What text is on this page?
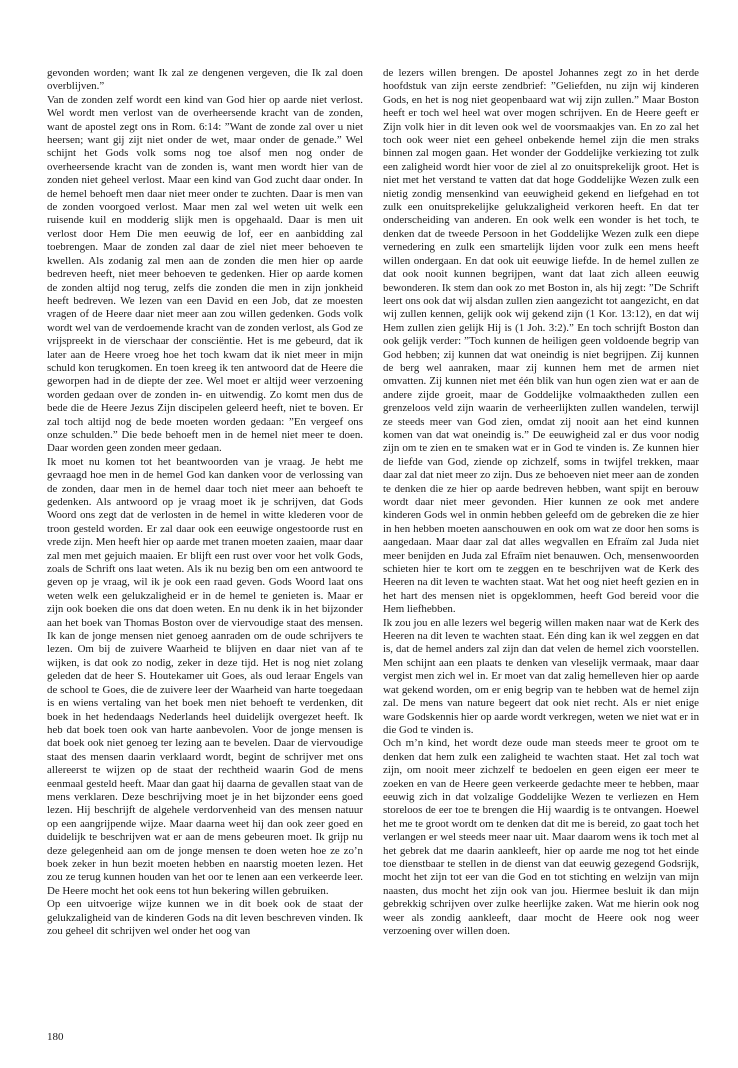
gevonden worden; want Ik zal ze dengenen vergeven, die Ik zal doen overblijven.”

Van de zonden zelf wordt een kind van God hier op aarde niet verlost. Wel wordt men verlost van de overheersende kracht van de zonden, want de apostel zegt ons in Rom. 6:14: ”Want de zonde zal over u niet heersen; want gij zijt niet onder de wet, maar onder de genade.” Wel schijnt het Gods volk soms nog toe alsof men nog onder de overheersende kracht van de zonden is, want men wordt hier van de zonden niet geheel verlost. Maar een kind van God zucht daar onder. In de hemel behoeft men daar niet meer onder te zuchten. Daar is men van de zonden voorgoed verlost. Maar men zal wel weten uit welk een ruisende kuil en modderig slijk men is opgehaald. Daar is men uit verlost door Hem Die men eeuwig de lof, eer en aanbidding zal toebrengen. Maar de zonden zal daar de ziel niet meer behoeven te kwellen. Als zodanig zal men aan de zonden die men hier op aarde bedreven heeft, niet meer behoeven te gedenken. Hier op aarde komen de zonden altijd nog terug, zelfs die zonden die men in zijn jonkheid heeft bedreven. We lezen van een David en een Job, dat ze moesten vragen of de Heere daar niet meer aan zou willen gedenken. Gods volk wordt wel van de verdoemende kracht van de zonden verlost, als God ze vrijspreekt in de vierschaar der consciëntie. Het is me gebeurd, dat ik later aan de Heere vroeg hoe het toch kwam dat ik niet meer in mijn schuld kon terugkomen. En toen kreeg ik ten antwoord dat de Heere die geworpen had in de diepte der zee. Wel moet er altijd weer verzoening worden gedaan over de zonden in- en uitwendig. Zo komt men dus de bede die de Heere Jezus Zijn discipelen geleerd heeft, niet te boven. Er zal toch altijd nog de bede moeten worden gedaan: ”En vergeef ons onze schulden.” Die bede behoeft men in de hemel niet meer te doen. Daar worden geen zonden meer gedaan.

Ik moet nu komen tot het beantwoorden van je vraag. Je hebt me gevraagd hoe men in de hemel God kan danken voor de verlossing van de zonden, daar men in de hemel daar toch niet meer aan behoeft te gedenken. Als antwoord op je vraag moet ik je schrijven, dat Gods Woord ons zegt dat de verlosten in de hemel in witte klederen voor de troon gesteld worden. Er zal daar ook een eeuwige ongestoorde rust en vrede zijn. Men heeft hier op aarde met tranen moeten zaaien, maar daar zal men met gejuich maaien. Er blijft een rust over voor het volk Gods, zoals de Schrift ons laat weten. Als ik nu bezig ben om een antwoord te geven op je vraag, wil ik je ook een raad geven. Gods Woord laat ons weten welk een gelukzaligheid er in de hemel te genieten is. Maar er zijn ook boeken die ons dat doen weten. En nu denk ik in het bijzonder aan het boek van Thomas Boston over de viervoudige staat des mensen. Ik kan de jonge mensen niet genoeg aanraden om de oude schrijvers te lezen. Om bij de zuivere Waarheid te blijven en daar niet van af te wijken, is dat ook zo nodig, zeker in deze tijd. Het is nog niet zolang geleden dat de heer S. Houtekamer uit Goes, als oud leraar Engels van de school te Goes, die de zuivere leer der Waarheid van harte toegedaan is en wiens vertaling van het boek men niet behoeft te verdenken, dit boek in het hedendaags Nederlands heel duidelijk overgezet heeft. Ik heb dat boek toen ook van harte aanbevolen. Voor de jonge mensen is dat boek ook niet genoeg ter lezing aan te bevelen. Daar de viervoudige staat des mensen daarin verklaard wordt, begint de schrijver met ons allereerst te wijzen op de staat der rechtheid waarin God de mens eenmaal gesteld heeft. Maar dan gaat hij daarna de gevallen staat van de mens verklaren. Deze beschrijving moet je in het bijzonder eens goed lezen. Hij beschrijft de algehele verdorvenheid van des mensen natuur op een aangrijpende wijze. Maar daarna weet hij dan ook zeer goed en duidelijk te beschrijven wat er aan de mens gebeuren moet. Ik grijp nu deze gelegenheid aan om de jonge mensen te doen weten hoe ze zo’n boek zeker in hun bezit moeten hebben en naarstig moeten lezen. Het zou ze terug kunnen houden van het oor te lenen aan een verkeerde leer. De Heere mocht het ook eens tot hun bekering willen gebruiken.

Op een uitvoerige wijze kunnen we in dit boek ook de staat der gelukzaligheid van de kinderen Gods na dit leven beschreven vinden. Ik zou geheel dit schrijven wel onder het oog van

de lezers willen brengen. De apostel Johannes zegt zo in het derde hoofdstuk van zijn eerste zendbrief: ”Geliefden, nu zijn wij kinderen Gods, en het is nog niet geopenbaard wat wij zijn zullen.” Maar Boston heeft er toch wel heel wat over mogen schrijven. En de Heere geeft er Zijn volk hier in dit leven ook wel de voorsmaakjes van. En zo zal het toch ook weer niet een geheel onbekende hemel zijn die men straks binnen zal mogen gaan. Het wonder der Goddelijke verkiezing tot zulk een zaligheid wordt hier voor de ziel al zo onuitsprekelijk groot. Het is niet met het verstand te vatten dat dat hoge Goddelijke Wezen zulk een nietig zondig mensenkind van eeuwigheid gekend en liefgehad en tot zulk een onuitsprekelijke gelukzaligheid verkoren heeft. En dat ter onderscheiding van anderen. En ook welk een wonder is het toch, te denken dat de tweede Persoon in het Goddelijke Wezen zulk een diepe vernedering en zulk een smartelijk lijden voor zulk een mens heeft willen ondergaan. En dat ook uit eeuwige liefde. In de hemel zullen ze dat ook nooit kunnen begrijpen, want dat laat zich alleen eeuwig bewonderen. Ik stem dan ook zo met Boston in, als hij zegt: ”De Schrift leert ons ook dat wij alsdan zullen zien aangezicht tot aangezicht, en dat wij zullen kennen, gelijk ook wij gekend zijn (1 Kor. 13:12), en dat wij Hem zullen zien gelijk Hij is (1 Joh. 3:2).” En toch schrijft Boston dan ook gelijk verder: ”Toch kunnen de heiligen geen voldoende begrip van God hebben; zij kunnen dat wat oneindig is niet begrijpen. Zij kunnen de berg wel aanraken, maar zij kunnen hem met de armen niet omvatten. Zij kunnen niet met één blik van hun ogen zien wat er aan de andere zijde groeit, maar de Goddelijke volmaaktheden zullen een grenzeloos veld zijn waarin de verheerlijkten zullen wandelen, terwijl ze steeds meer van God zien, omdat zij nooit aan het eind kunnen komen van dat wat oneindig is.” De eeuwigheid zal er dus voor nodig zijn om te zien en te smaken wat er in God te vinden is. Ze kunnen hier de liefde van God, ziende op zichzelf, soms in twijfel trekken, maar daar zal dat niet meer zo zijn. Dus ze behoeven niet meer aan de zonden te denken die ze hier op aarde bedreven hebben, want spijt en berouw wordt daar niet meer gevonden. Hier kunnen ze ook met andere kinderen Gods wel in onmin hebben geleefd om de gebreken die ze hier in hen hebben moeten aanschouwen en ook om wat ze door hen soms is aangedaan. Maar daar zal dat alles wegvallen en Efraïm zal Juda niet meer benijden en Juda zal Efraïm niet benauwen. Och, mensenwoorden schieten hier te kort om te zeggen en te beschrijven wat de Kerk des Heeren na dit leven te wachten staat. Wat het oog niet heeft gezien en in het hart des mensen niet is opgeklommen, heeft God bereid voor die Hem liefhebben.

Ik zou jou en alle lezers wel begerig willen maken naar wat de Kerk des Heeren na dit leven te wachten staat. Eén ding kan ik wel zeggen en dat is, dat de hemel anders zal zijn dan dat velen de hemel zich voorstellen. Men schijnt aan een plaats te denken van vleselijk vermaak, maar daar vergist men zich wel in. Er moet van dat zalig hemelleven hier op aarde wat gekend worden, om er enig begrip van te hebben wat de hemel zijn zal. De mens van nature begeert dat ook niet recht. Als er niet enige ware Godskennis hier op aarde wordt verkregen, weten we niet wat er in die God te vinden is.

Och m’n kind, het wordt deze oude man steeds meer te groot om te denken dat hem zulk een zaligheid te wachten staat. Het zal toch wat zijn, om nooit meer zichzelf te bedoelen en geen eigen eer meer te zoeken en van de Heere geen verkeerde gedachte meer te hebben, maar eeuwig zich in dat volzalige Goddelijke Wezen te verliezen en Hem storeloos de eer toe te brengen die Hij waardig is te ontvangen. Hoewel het me te groot wordt om te denken dat dit me is bereid, zo gaat toch het verlangen er wel steeds meer naar uit. Maar daarom wens ik toch met al het gebrek dat me daarin aankleeft, hier op aarde me nog tot het einde toe dienstbaar te stellen in de dienst van dat eeuwig gezegend Godsrijk, mocht het zijn tot eer van die God en tot stichting en welzijn van mijn naasten, dus mocht het zijn ook van jou. Hiermee besluit ik dan mijn gebrekkig schrijven over zulke heerlijke zaken. Wat me hierin ook nog weer als zondig aankleeft, daar mocht de Heere ook nog weer verzoening over willen doen.

180
